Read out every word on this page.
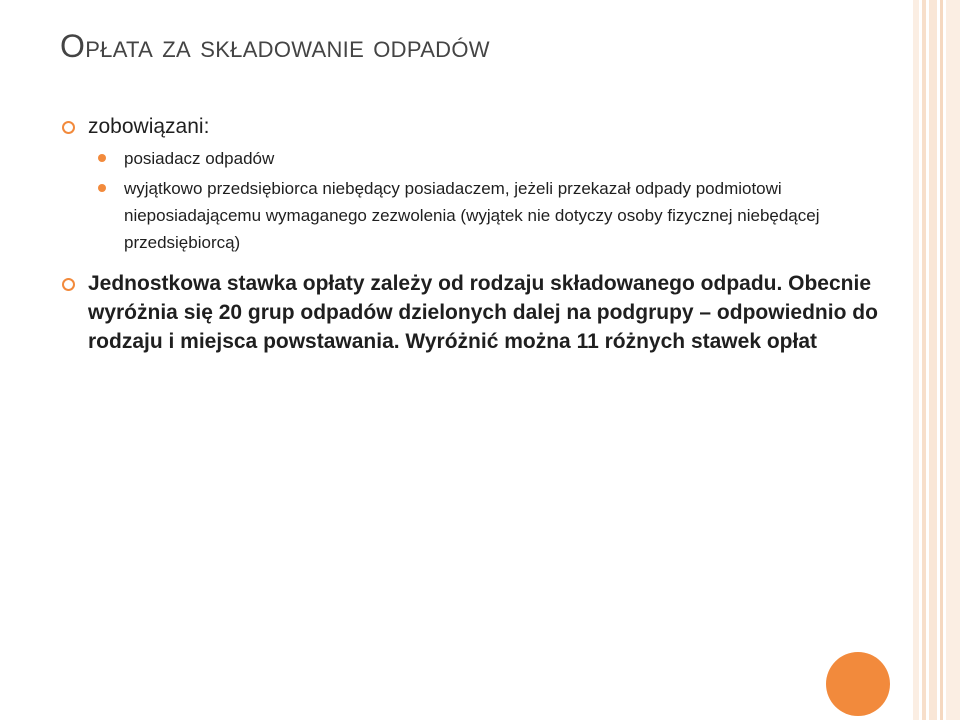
Opłata za składowanie odpadów
zobowiązani:
posiadacz odpadów
wyjątkowo przedsiębiorca niebędący posiadaczem, jeżeli przekazał odpady podmiotowi nieposiadającemu wymaganego zezwolenia (wyjątek nie dotyczy osoby fizycznej niebędącej przedsiębiorcą)
Jednostkowa stawka opłaty zależy od rodzaju składowanego odpadu. Obecnie wyróżnia się 20 grup odpadów dzielonych dalej na podgrupy – odpowiednio do rodzaju i miejsca powstawania. Wyróżnić można 11 różnych stawek opłat
